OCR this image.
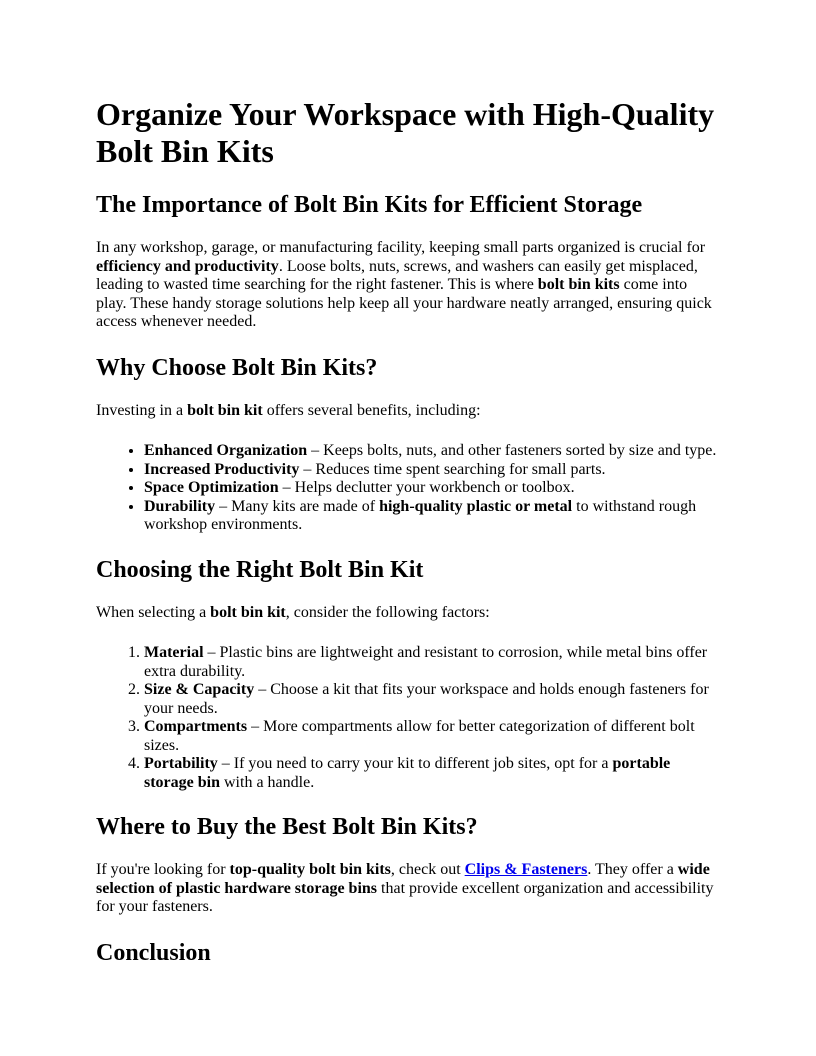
Organize Your Workspace with High-Quality Bolt Bin Kits
The Importance of Bolt Bin Kits for Efficient Storage

In any workshop, garage, or manufacturing facility, keeping small parts organized is crucial for efficiency and productivity. Loose bolts, nuts, screws, and washers can easily get misplaced, leading to wasted time searching for the right fastener. This is where bolt bin kits come into play. These handy storage solutions help keep all your hardware neatly arranged, ensuring quick access whenever needed.

Why Choose Bolt Bin Kits?

Investing in a bolt bin kit offers several benefits, including:

• Enhanced Organization – Keeps bolts, nuts, and other fasteners sorted by size and type.
• Increased Productivity – Reduces time spent searching for small parts.
• Space Optimization – Helps declutter your workbench or toolbox.
• Durability – Many kits are made of high-quality plastic or metal to withstand rough workshop environments.
Choosing the Right Bolt Bin Kit

When selecting a bolt bin kit, consider the following factors:

1. Material – Plastic bins are lightweight and resistant to corrosion, while metal bins offer extra durability.
2. Size & Capacity – Choose a kit that fits your workspace and holds enough fasteners for your needs.
3. Compartments – More compartments allow for better categorization of different bolt sizes.
4. Portability – If you need to carry your kit to different job sites, opt for a portable storage bin with a handle.
Where to Buy the Best Bolt Bin Kits?

If you're looking for top-quality bolt bin kits, check out Clips & Fasteners. They offer a wide selection of plastic hardware storage bins that provide excellent organization and accessibility for your fasteners.

Conclusion
